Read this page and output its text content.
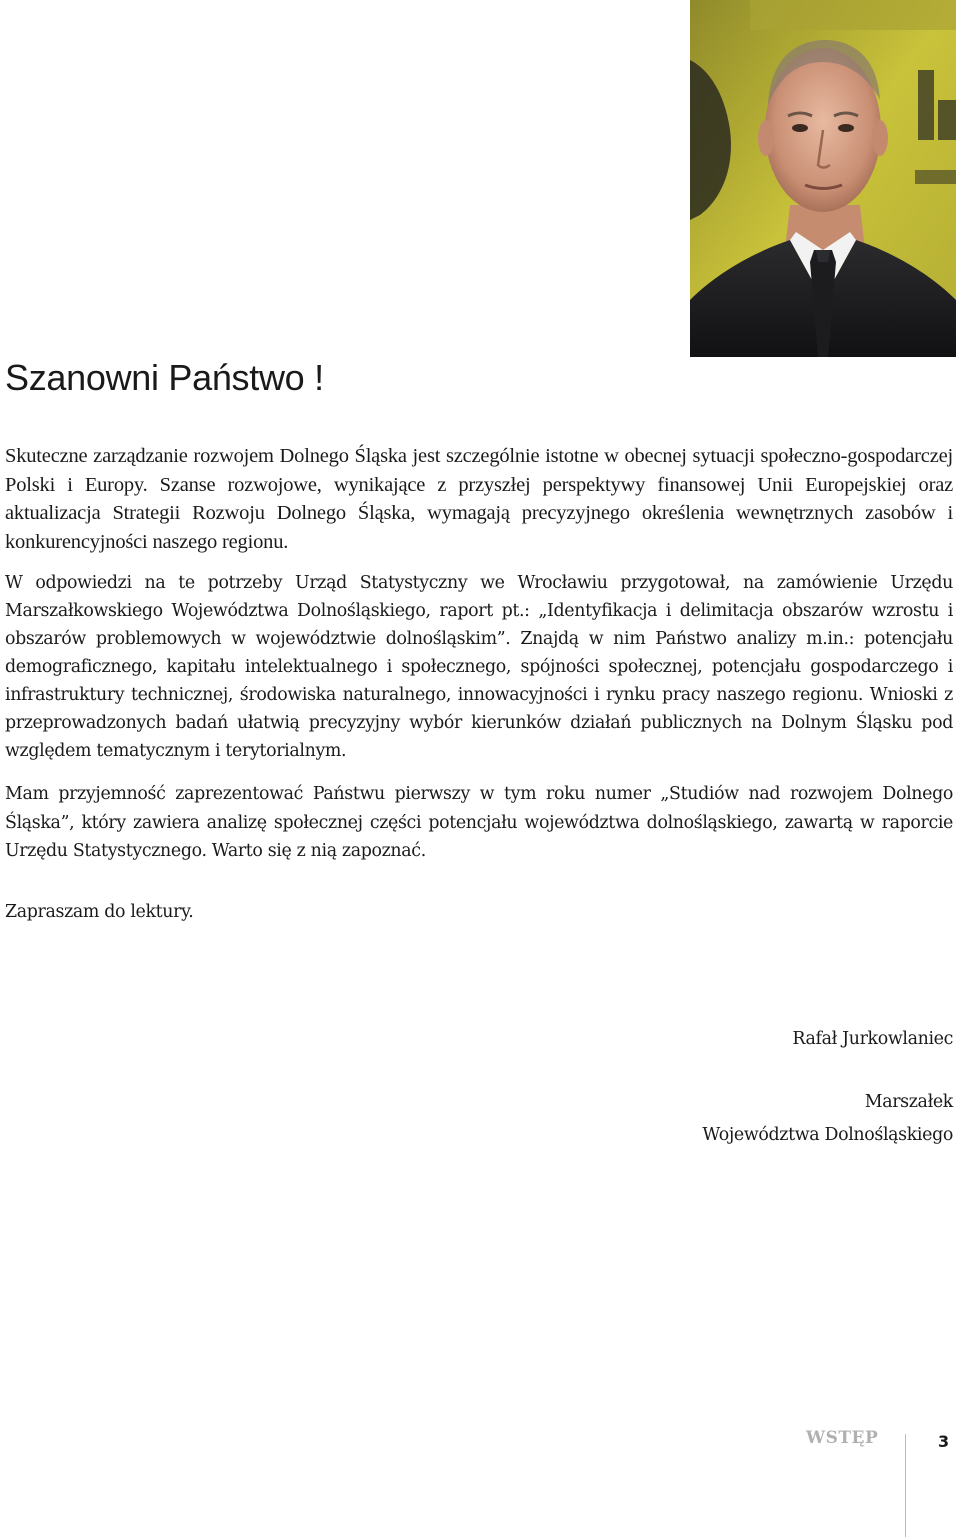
Szanowni Państwo !

Skuteczne zarządzanie rozwojem Dolnego Śląska jest szczególnie istotne w obecnej sytuacji społeczno-gospodarczej Polski i Europy. Szanse rozwojowe, wynikające z przyszłej perspektywy finansowej Unii Europejskiej oraz aktualizacja Strategii Rozwoju Dolnego Śląska, wymagają precyzyjnego określenia wewnętrznych zasobów i konkurencyjności naszego regionu.

W odpowiedzi na te potrzeby Urząd Statystyczny we Wrocławiu przygotował, na zamówienie Urzędu Marszałkowskiego Województwa Dolnośląskiego, raport pt.: „Identyfikacja i delimitacja obszarów wzrostu i obszarów problemowych w województwie dolnośląskim”. Znajdą w nim Państwo analizy m.in.: potencjału demograficznego, kapitału intelektualnego i społecznego, spójności społecznej, potencjału gospodarczego i infrastruktury technicznej, środowiska naturalnego, innowacyjności i rynku pracy naszego regionu. Wnioski z przeprowadzonych badań ułatwią precyzyjny wybór kierunków działań publicznych na Dolnym Śląsku pod względem tematycznym i terytorialnym.

Mam przyjemność zaprezentować Państwu pierwszy w tym roku numer „Studiów nad rozwojem Dolnego Śląska”, który zawiera analizę społecznej części potencjału województwa dolnośląskiego, zawartą w raporcie Urzędu Statystycznego. Warto się z nią zapoznać.

Zapraszam do lektury.

Rafał Jurkowlaniec

Marszałek

Województwa Dolnośląskiego

WSTĘP	3
